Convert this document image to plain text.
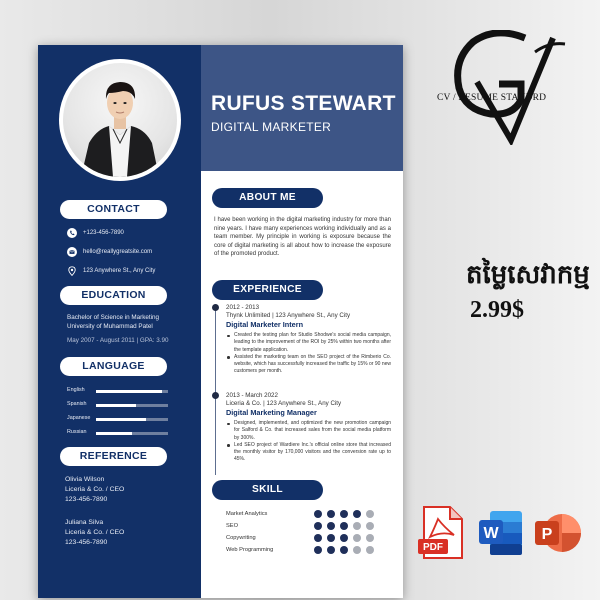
CONTACT
+123-456-7890
hello@reallygreatsite.com
123 Anywhere St., Any City
EDUCATION
Bachelor of Science in Marketing
University of Muhammad Patel
May 2007 - August 2011 | GPA: 3.90
LANGUAGE
REFERENCE
Olivia Wilson
Liceria & Co. / CEO
123-456-7890
Juliana Silva
Liceria & Co. / CEO
123-456-7890
English
Spanish
Japanese
Russian
RUFUS STEWART
DIGITAL MARKETER
ABOUT ME
I have been working in the digital marketing industry for more than nine years. I have many experiences working individually and as a team member. My principle in working is exposure because the core of digital marketing is all about how to increase the exposure of the promoted product.
EXPERIENCE
2012 - 2013
Thynk Unlimited | 123 Anywhere St., Any City
Digital Marketer Intern
Created the testing plan for Studio Shodwe's social media campaign, leading to the improvement of the ROI by 25% within two months after the template application.
Assisted the marketing team on the SEO project of the Rimberio Co. website, which has successfully increased the traffic by 15% or 90 new customers per month.
2013 - March 2022
Liceria & Co. | 123 Anywhere St., Any City
Digital Marketing Manager
Designed, implemented, and optimized the new promotion campaign for Salford & Co. that increased sales from the social media platform by 300%.
Led SEO project of Wardiere Inc.'s official online store that increased the monthly visitor by 170,000 visitors and the conversion rate up to 45%.
SKILL
Market Analytics
SEO
Copywriting
Web Programming
CV / RESUME STANDRD
តម្លៃសេវាកម្ម
2.99$
PDF
W	P
